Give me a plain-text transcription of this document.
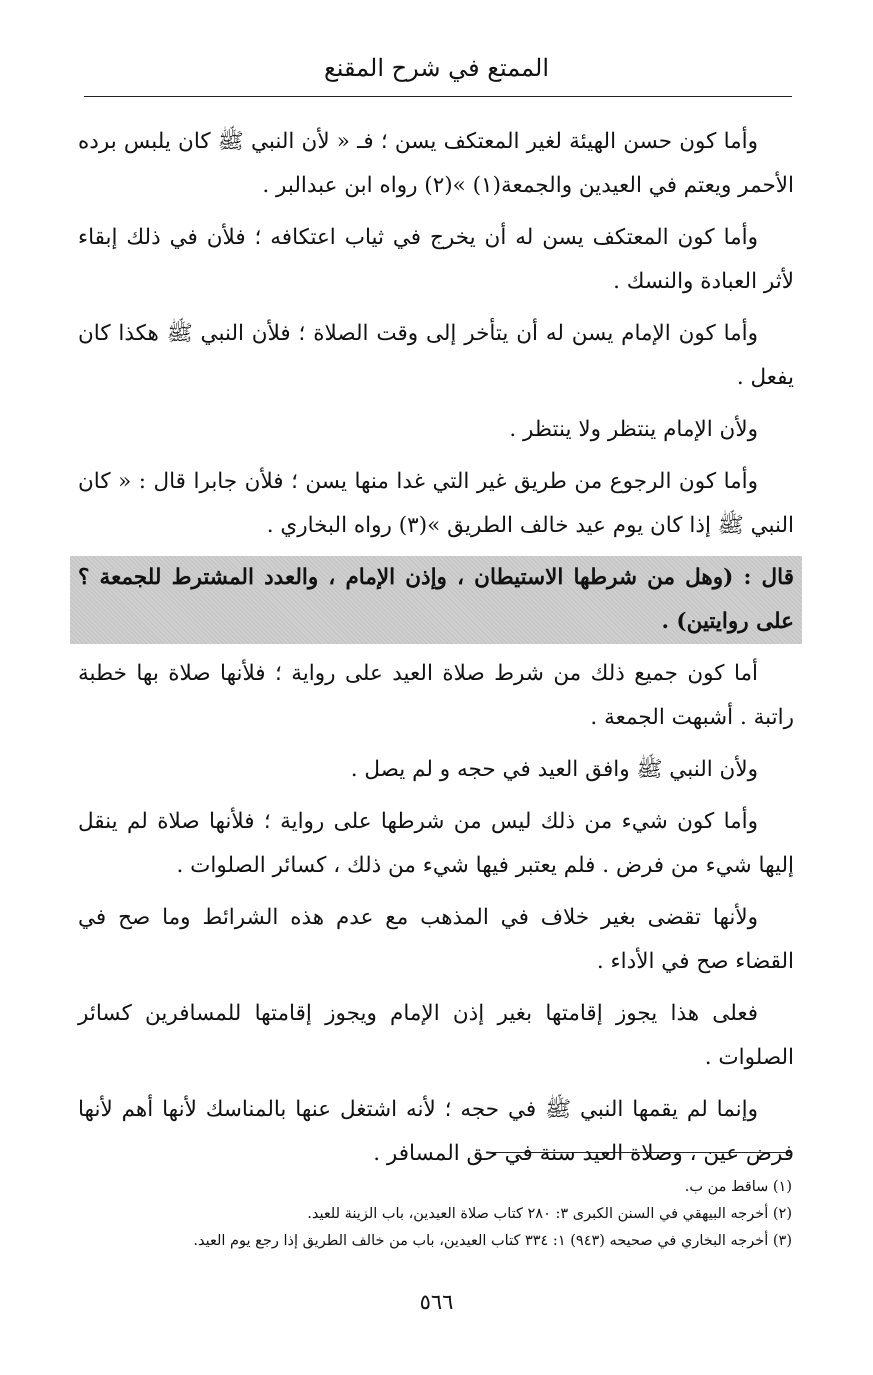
الممتع في شرح المقنع

وأما كون حسن الهيئة لغير المعتكف يسن ؛ فـ « لأن النبي ﷺ كان يلبس برده الأحمر ويعتم في العيدين والجمعة(١) »(٢) رواه ابن عبدالبر .

وأما كون المعتكف يسن له أن يخرج في ثياب اعتكافه ؛ فلأن في ذلك إبقاء لأثر العبادة والنسك .

وأما كون الإمام يسن له أن يتأخر إلى وقت الصلاة ؛ فلأن النبي ﷺ هكذا كان يفعل .

ولأن الإمام ينتظر ولا ينتظر .

وأما كون الرجوع من طريق غير التي غدا منها يسن ؛ فلأن جابرا قال : « كان النبي ﷺ إذا كان يوم عيد خالف الطريق »(٣) رواه البخاري .

قال : (وهل من شرطها الاستيطان ، وإذن الإمام ، والعدد المشترط للجمعة ؟ على روايتين) .

أما كون جميع ذلك من شرط صلاة العيد على رواية ؛ فلأنها صلاة بها خطبة راتبة . أشبهت الجمعة .

ولأن النبي ﷺ وافق العيد في حجه و لم يصل .

وأما كون شيء من ذلك ليس من شرطها على رواية ؛ فلأنها صلاة لم ينقل إليها شيء من فرض . فلم يعتبر فيها شيء من ذلك ، كسائر الصلوات .

ولأنها تقضى بغير خلاف في المذهب مع عدم هذه الشرائط وما صح في القضاء صح في الأداء .

فعلى هذا يجوز إقامتها بغير إذن الإمام ويجوز إقامتها للمسافرين كسائر الصلوات .

وإنما لم يقمها النبي ﷺ في حجه ؛ لأنه اشتغل عنها بالمناسك لأنها أهم لأنها فرض عين ، وصلاة العيد سنة في حق المسافر .

(١) ساقط من ب.

(٢) أخرجه البيهقي في السنن الكبرى ٣: ٢٨٠ كتاب صلاة العيدين، باب الزينة للعيد.

(٣) أخرجه البخاري في صحيحه (٩٤٣) ١: ٣٣٤ كتاب العيدين، باب من خالف الطريق إذا رجع يوم العيد.

٥٦٦
